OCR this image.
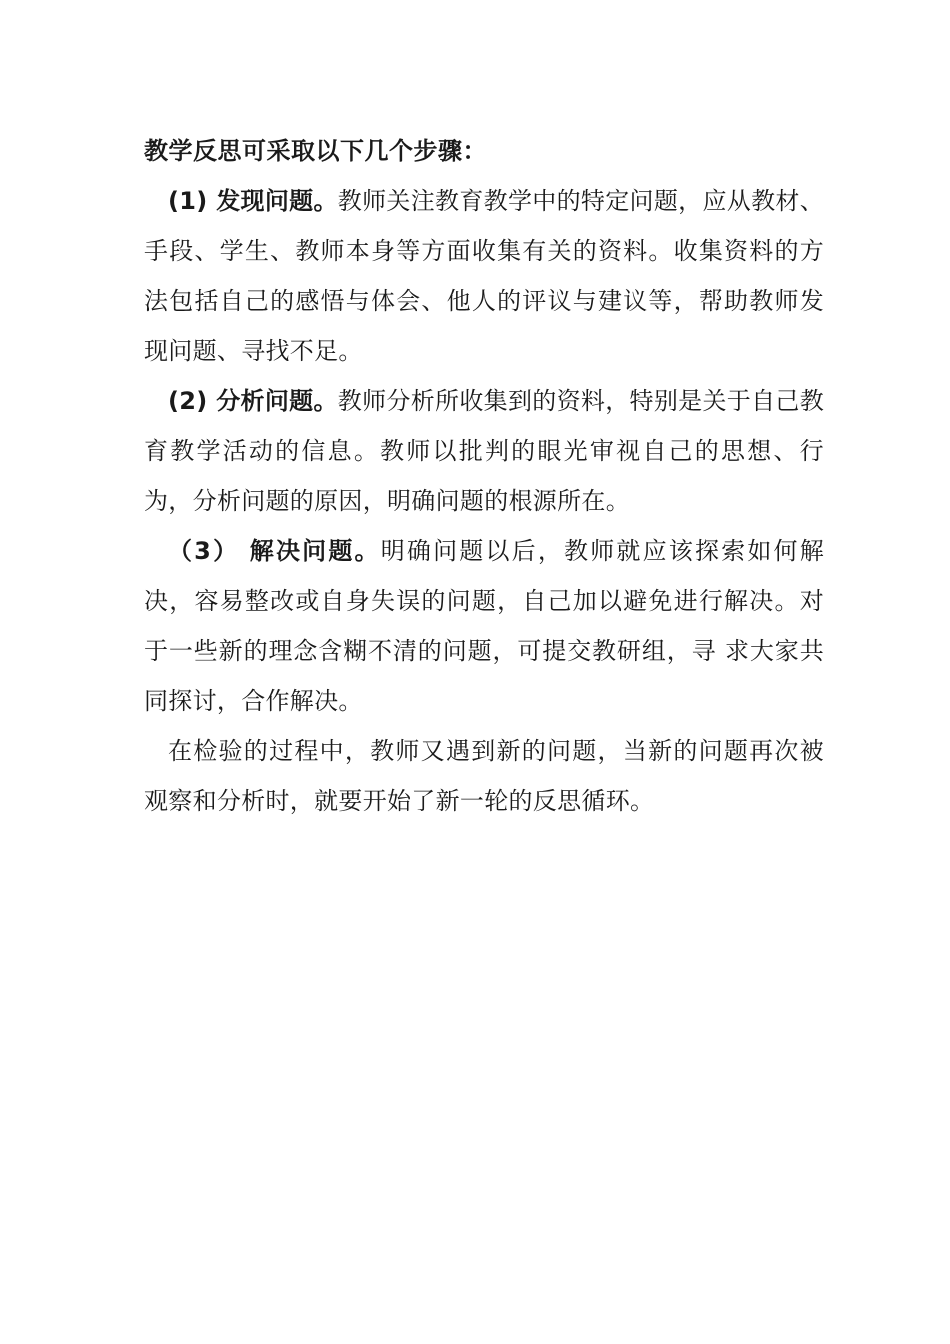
教学反思可采取以下几个步骤：

(1) 发现问题。教师关注教育教学中的特定问题，应从教材、手段、学生、教师本身等方面收集有关的资料。收集资料的方法包括自己的感悟与体会、他人的评议与建议等，帮助教师发现问题、寻找不足。

(2) 分析问题。教师分析所收集到的资料，特别是关于自己教育教学活动的信息。教师以批判的眼光审视自己的思想、行为，分析问题的原因，明确问题的根源所在。

（3） 解决问题。明确问题以后，教师就应该探索如何解决，容易整改或自身失误的问题，自己加以避免进行解决。对于一些新的理念含糊不清的问题，可提交教研组，寻 求大家共同探讨，合作解决。

在检验的过程中，教师又遇到新的问题，当新的问题再次被观察和分析时，就要开始了新一轮的反思循环。
